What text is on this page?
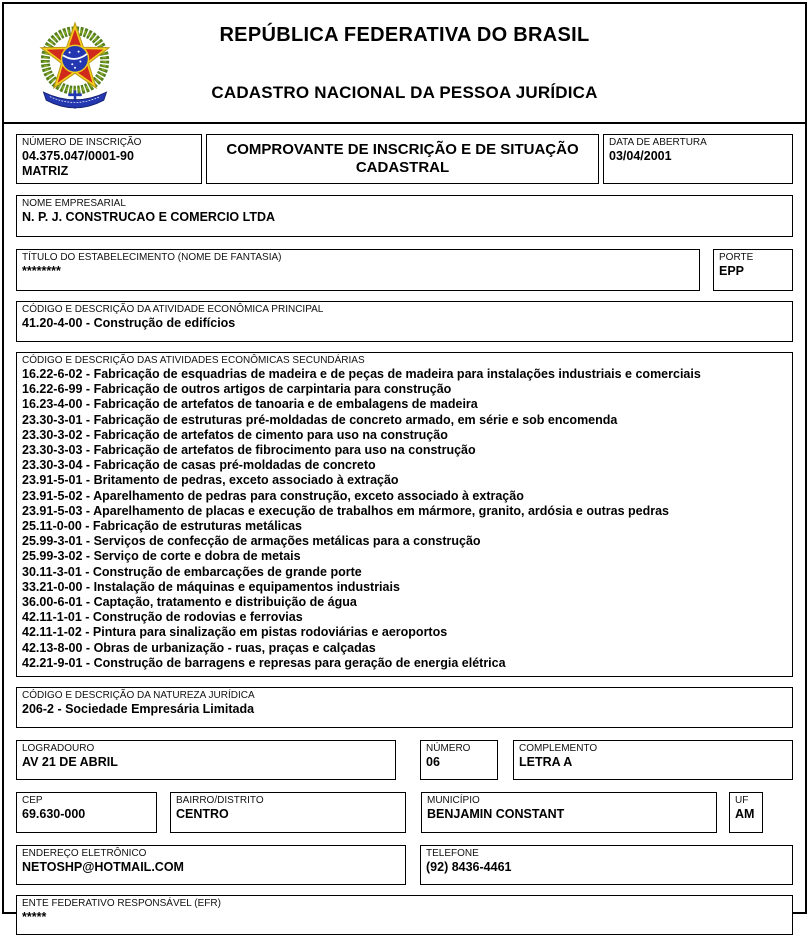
REPÚBLICA FEDERATIVA DO BRASIL
CADASTRO NACIONAL DA PESSOA JURÍDICA
NÚMERO DE INSCRIÇÃO
04.375.047/0001-90
MATRIZ
COMPROVANTE DE INSCRIÇÃO E DE SITUAÇÃO CADASTRAL
DATA DE ABERTURA
03/04/2001
NOME EMPRESARIAL
N. P. J. CONSTRUCAO E COMERCIO LTDA
TÍTULO DO ESTABELECIMENTO (NOME DE FANTASIA)
********
PORTE
EPP
CÓDIGO E DESCRIÇÃO DA ATIVIDADE ECONÔMICA PRINCIPAL
41.20-4-00 - Construção de edifícios
CÓDIGO E DESCRIÇÃO DAS ATIVIDADES ECONÔMICAS SECUNDÁRIAS
16.22-6-02 - Fabricação de esquadrias de madeira e de peças de madeira para instalações industriais e comerciais
16.22-6-99 - Fabricação de outros artigos de carpintaria para construção
16.23-4-00 - Fabricação de artefatos de tanoaria e de embalagens de madeira
23.30-3-01 - Fabricação de estruturas pré-moldadas de concreto armado, em série e sob encomenda
23.30-3-02 - Fabricação de artefatos de cimento para uso na construção
23.30-3-03 - Fabricação de artefatos de fibrocimento para uso na construção
23.30-3-04 - Fabricação de casas pré-moldadas de concreto
23.91-5-01 - Britamento de pedras, exceto associado à extração
23.91-5-02 - Aparelhamento de pedras para construção, exceto associado à extração
23.91-5-03 - Aparelhamento de placas e execução de trabalhos em mármore, granito, ardósia e outras pedras
25.11-0-00 - Fabricação de estruturas metálicas
25.99-3-01 - Serviços de confecção de armações metálicas para a construção
25.99-3-02 - Serviço de corte e dobra de metais
30.11-3-01 - Construção de embarcações de grande porte
33.21-0-00 - Instalação de máquinas e equipamentos industriais
36.00-6-01 - Captação, tratamento e distribuição de água
42.11-1-01 - Construção de rodovias e ferrovias
42.11-1-02 - Pintura para sinalização em pistas rodoviárias e aeroportos
42.13-8-00 - Obras de urbanização - ruas, praças e calçadas
42.21-9-01 - Construção de barragens e represas para geração de energia elétrica
CÓDIGO E DESCRIÇÃO DA NATUREZA JURÍDICA
206-2 - Sociedade Empresária Limitada
LOGRADOURO
AV 21 DE ABRIL
NÚMERO
06
COMPLEMENTO
LETRA A
CEP
69.630-000
BAIRRO/DISTRITO
CENTRO
MUNICÍPIO
BENJAMIN CONSTANT
UF
AM
ENDEREÇO ELETRÔNICO
NETOSHP@HOTMAIL.COM
TELEFONE
(92) 8436-4461
ENTE FEDERATIVO RESPONSÁVEL (EFR)
*****
